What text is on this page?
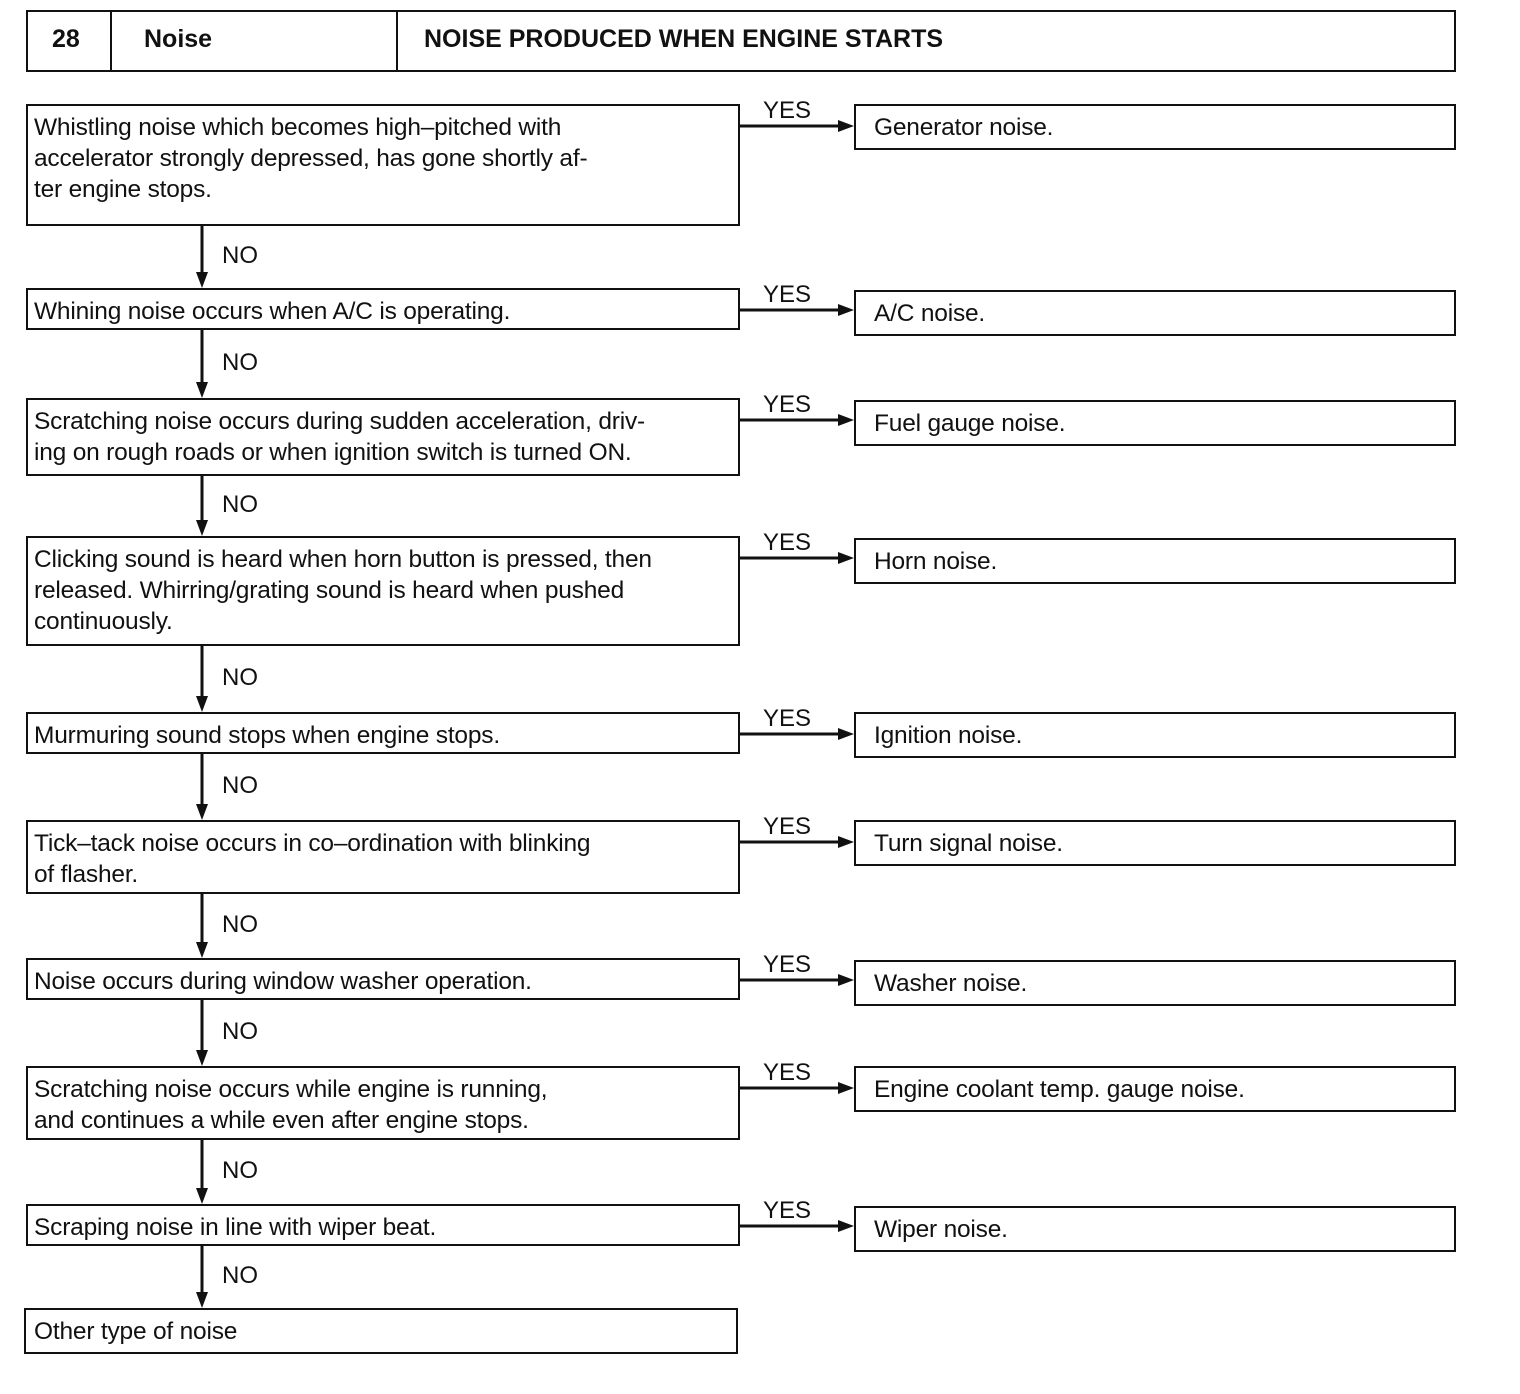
28	Noise	NOISE PRODUCED WHEN ENGINE STARTS
Whistling noise which becomes high–pitched with
accelerator strongly depressed, has gone shortly af-
ter engine stops.
Generator noise.
YES
NO
Whining noise occurs when A/C is operating.	A/C noise.
YES
NO
Scratching noise occurs during sudden acceleration, driv-
ing on rough roads or when ignition switch is turned ON.
Fuel gauge noise.
YES
NO
Clicking sound is heard when horn button is pressed, then
released. Whirring/grating sound is heard when pushed
continuously.
Horn noise.
YES
NO
Murmuring sound stops when engine stops.	Ignition noise.
YES
NO
Tick–tack noise occurs in co–ordination with blinking
of flasher.
Turn signal noise.
YES
NO
Noise occurs during window washer operation.	Washer noise.
YES
NO
Scratching noise occurs while engine is running,
and continues a while even after engine stops.
Engine coolant temp. gauge noise.
YES
NO
Scraping noise in line with wiper beat.	Wiper noise.
YES
NO
Other type of noise
